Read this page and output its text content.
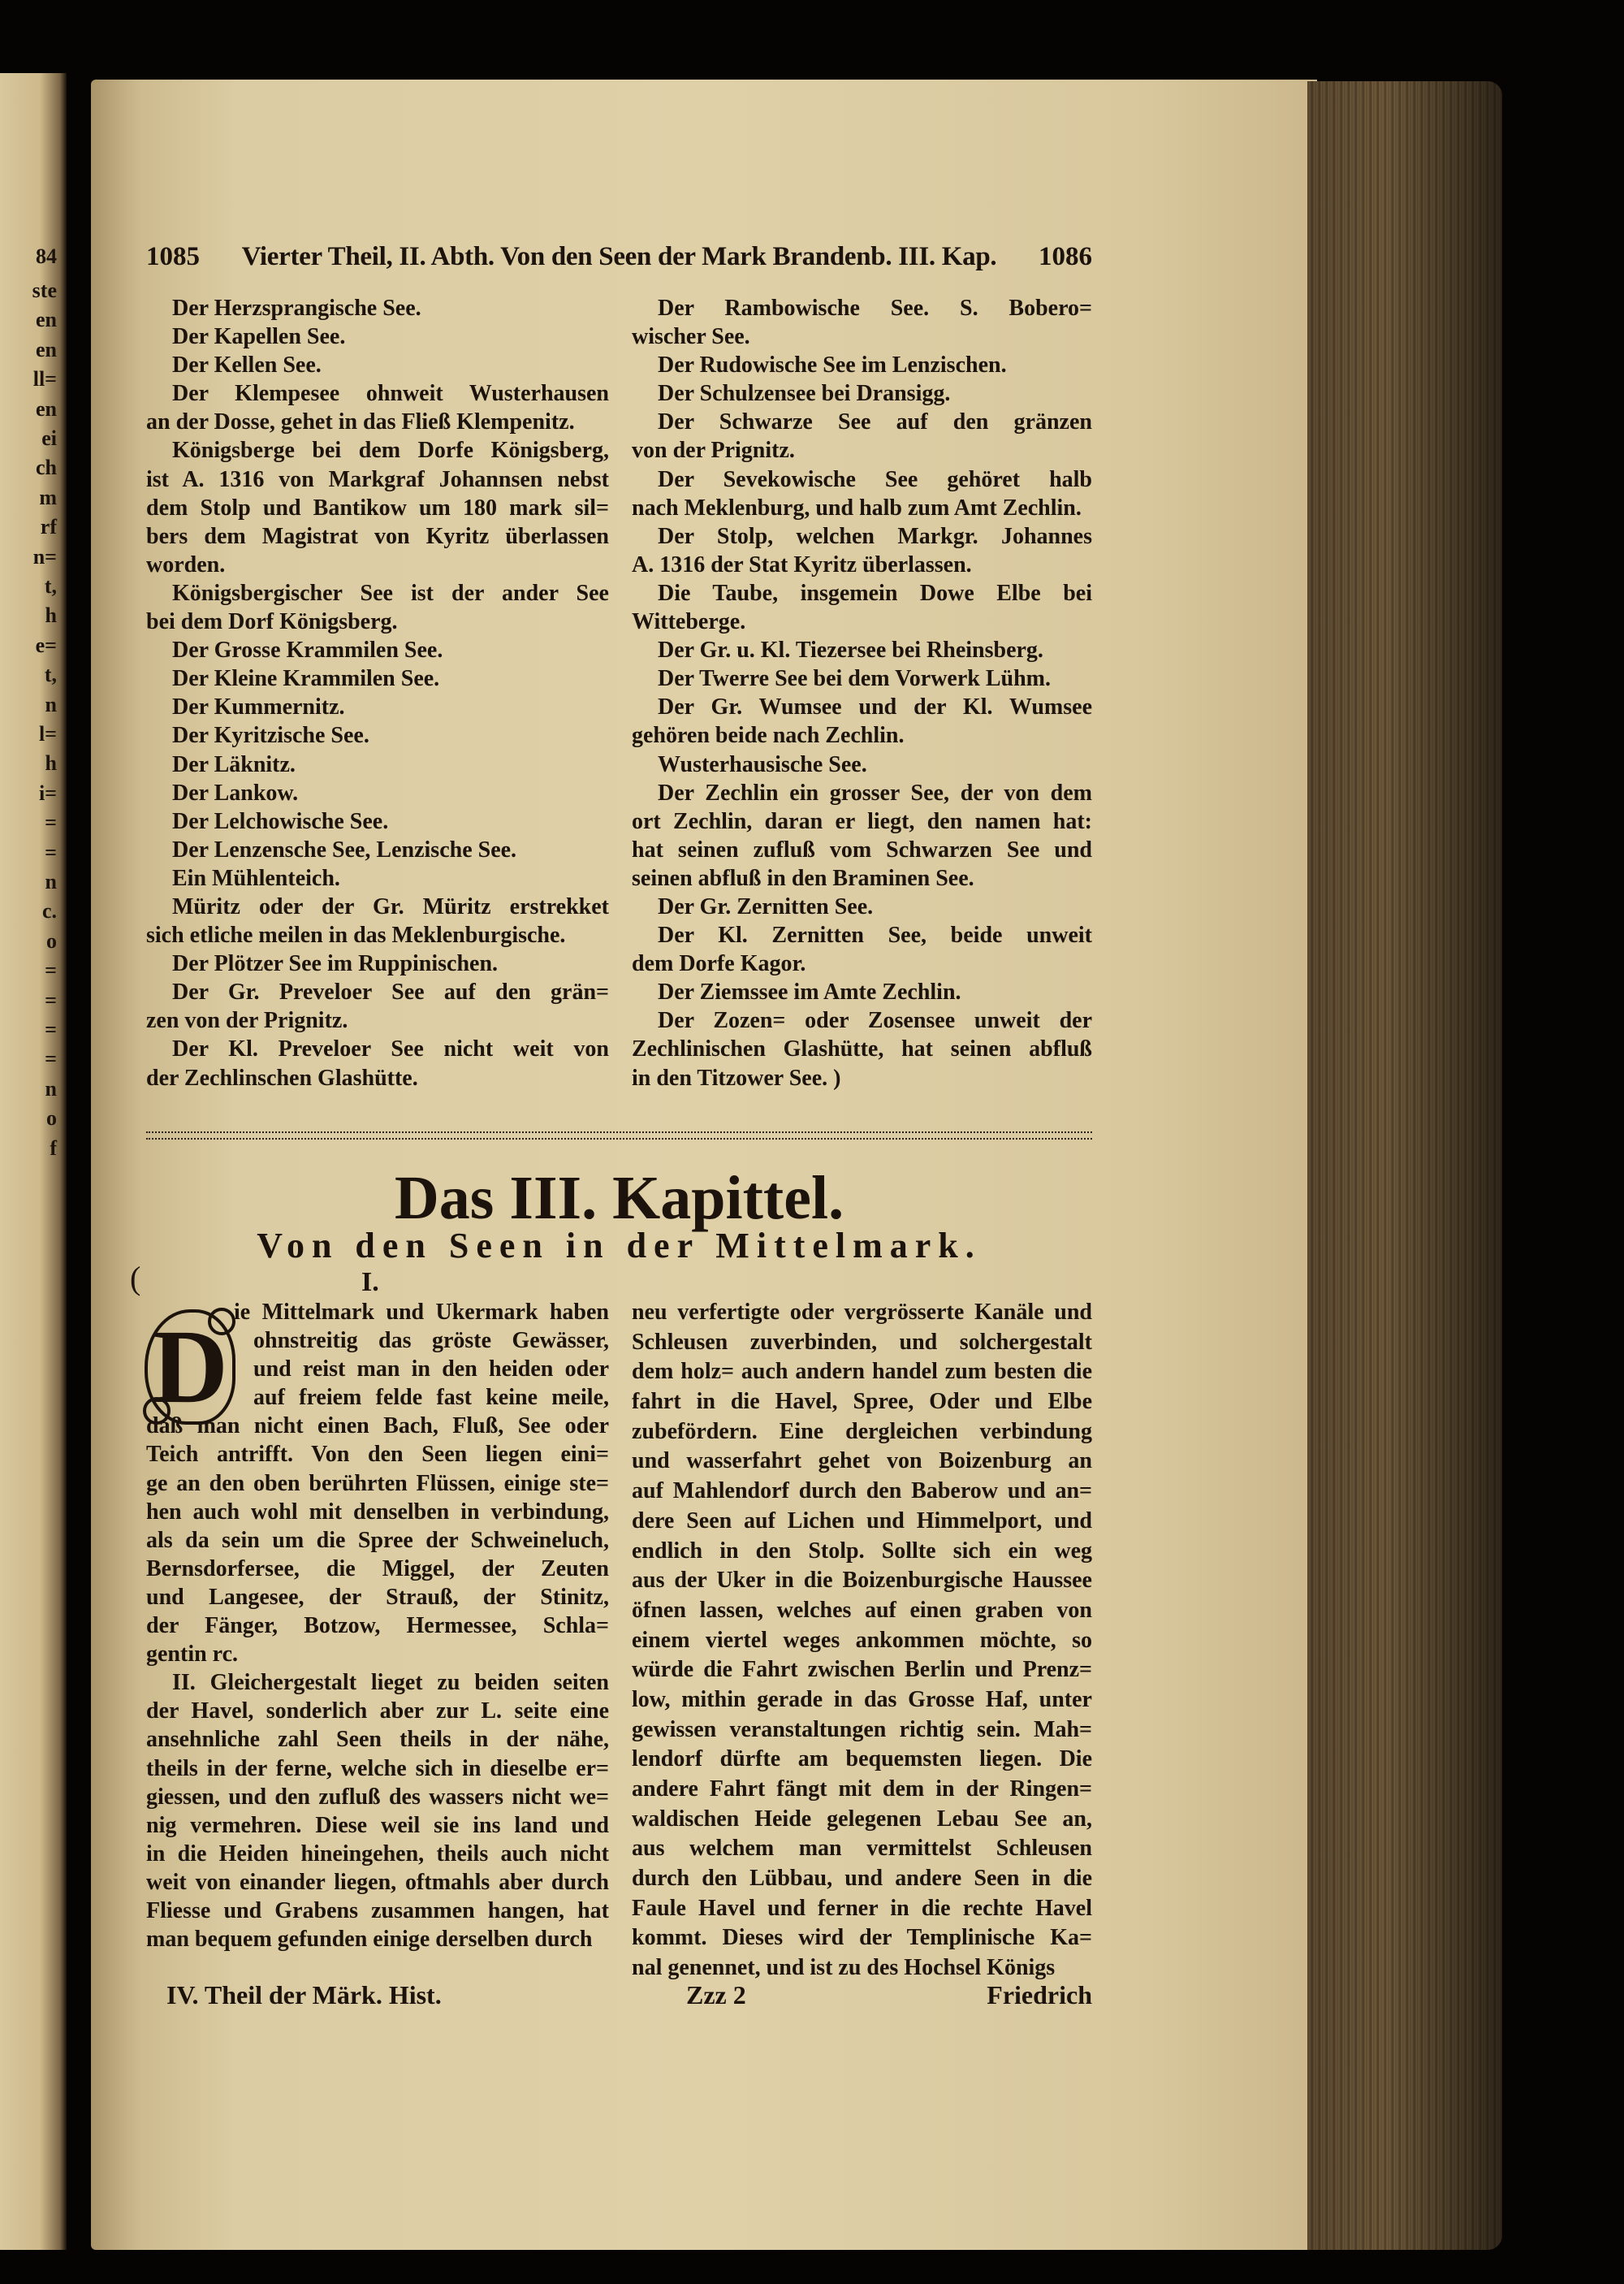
84
ste
en
en
ll=
en
ei
ch
m
rf
n=
t,
h
e=
t,
n
l=
h
i=
=
=
n
c.
o
=
=
=
=
n
o
f
1085	Vierter Theil, II. Abth. Von den Seen der Mark Brandenb. III. Kap.	1086
Der Herzsprangische See.
Der Kapellen See.
Der Kellen See.
Der Klempesee ohnweit Wusterhausen
an der Dosse, gehet in das Fließ Klempenitz.
Königsberge bei dem Dorfe Königsberg,
ist A. 1316 von Markgraf Johannsen nebst
dem Stolp und Bantikow um 180 mark sil=
bers dem Magistrat von Kyritz überlassen
worden.
Königsbergischer See ist der ander See
bei dem Dorf Königsberg.
Der Grosse Krammilen See.
Der Kleine Krammilen See.
Der Kummernitz.
Der Kyritzische See.
Der Läknitz.
Der Lankow.
Der Lelchowische See.
Der Lenzensche See, Lenzische See.
Ein Mühlenteich.
Müritz oder der Gr. Müritz erstrekket
sich etliche meilen in das Meklenburgische.
Der Plötzer See im Ruppinischen.
Der Gr. Preveloer See auf den grän=
zen von der Prignitz.
Der Kl. Preveloer See nicht weit von
der Zechlinschen Glashütte.
Der Rambowische See. S. Bobero=
wischer See.
Der Rudowische See im Lenzischen.
Der Schulzensee bei Dransigg.
Der Schwarze See auf den gränzen
von der Prignitz.
Der Sevekowische See gehöret halb
nach Meklenburg, und halb zum Amt Zechlin.
Der Stolp, welchen Markgr. Johannes
A. 1316 der Stat Kyritz überlassen.
Die Taube, insgemein Dowe Elbe bei
Witteberge.
Der Gr. u. Kl. Tiezersee bei Rheinsberg.
Der Twerre See bei dem Vorwerk Lühm.
Der Gr. Wumsee und der Kl. Wumsee
gehören beide nach Zechlin.
Wusterhausische See.
Der Zechlin ein grosser See, der von dem
ort Zechlin, daran er liegt, den namen hat:
hat seinen zufluß vom Schwarzen See und
seinen abfluß in den Braminen See.
Der Gr. Zernitten See.
Der Kl. Zernitten See, beide unweit
dem Dorfe Kagor.
Der Ziemssee im Amte Zechlin.
Der Zozen= oder Zosensee unweit der
Zechlinischen Glashütte, hat seinen abfluß
in den Titzower See. )
Das III. Kapittel.
Von den Seen in der Mittelmark.
(	I.
D ie Mittelmark und Ukermark haben
ohnstreitig das gröste Gewässer,
und reist man in den heiden oder
auf freiem felde fast keine meile,
daß man nicht einen Bach, Fluß, See oder
Teich antrifft. Von den Seen liegen eini=
ge an den oben berührten Flüssen, einige ste=
hen auch wohl mit denselben in verbindung,
als da sein um die Spree der Schweineluch,
Bernsdorfersee, die Miggel, der Zeuten
und Langesee, der Strauß, der Stinitz,
der Fänger, Botzow, Hermessee, Schla=
gentin rc.
II. Gleichergestalt lieget zu beiden seiten
der Havel, sonderlich aber zur L. seite eine
ansehnliche zahl Seen theils in der nähe,
theils in der ferne, welche sich in dieselbe er=
giessen, und den zufluß des wassers nicht we=
nig vermehren. Diese weil sie ins land und
in die Heiden hineingehen, theils auch nicht
weit von einander liegen, oftmahls aber durch
Fliesse und Grabens zusammen hangen, hat
man bequem gefunden einige derselben durch
neu verfertigte oder vergrösserte Kanäle und
Schleusen zuverbinden, und solchergestalt
dem holz= auch andern handel zum besten die
fahrt in die Havel, Spree, Oder und Elbe
zubefördern. Eine dergleichen verbindung
und wasserfahrt gehet von Boizenburg an
auf Mahlendorf durch den Baberow und an=
dere Seen auf Lichen und Himmelport, und
endlich in den Stolp. Sollte sich ein weg
aus der Uker in die Boizenburgische Haussee
öfnen lassen, welches auf einen graben von
einem viertel weges ankommen möchte, so
würde die Fahrt zwischen Berlin und Prenz=
low, mithin gerade in das Grosse Haf, unter
gewissen veranstaltungen richtig sein. Mah=
lendorf dürfte am bequemsten liegen. Die
andere Fahrt fängt mit dem in der Ringen=
waldischen Heide gelegenen Lebau See an,
aus welchem man vermittelst Schleusen
durch den Lübbau, und andere Seen in die
Faule Havel und ferner in die rechte Havel
kommt. Dieses wird der Templinische Ka=
nal genennet, und ist zu des Hochsel Königs
IV. Theil der Märk. Hist.	Zzz 2	Friedrich
